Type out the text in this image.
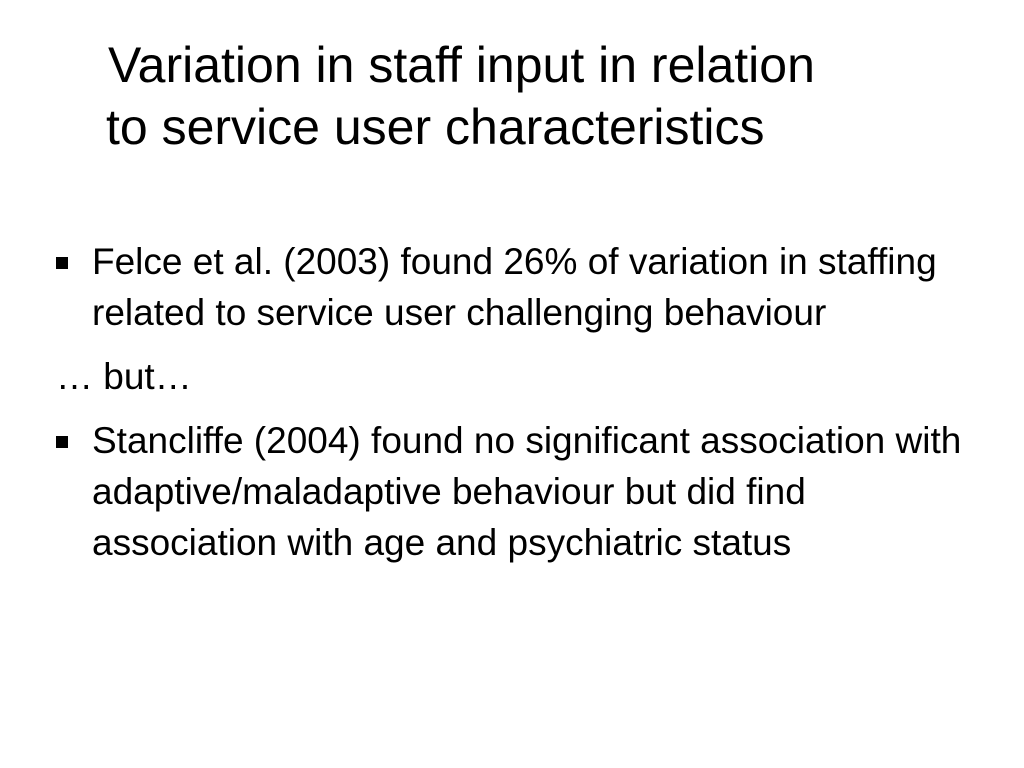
Variation in staff input in relation
to service user characteristics
Felce et al. (2003) found 26% of variation in staffing related to service user challenging behaviour
… but…
Stancliffe (2004) found no significant association with adaptive/maladaptive behaviour but did find association with age and psychiatric status
